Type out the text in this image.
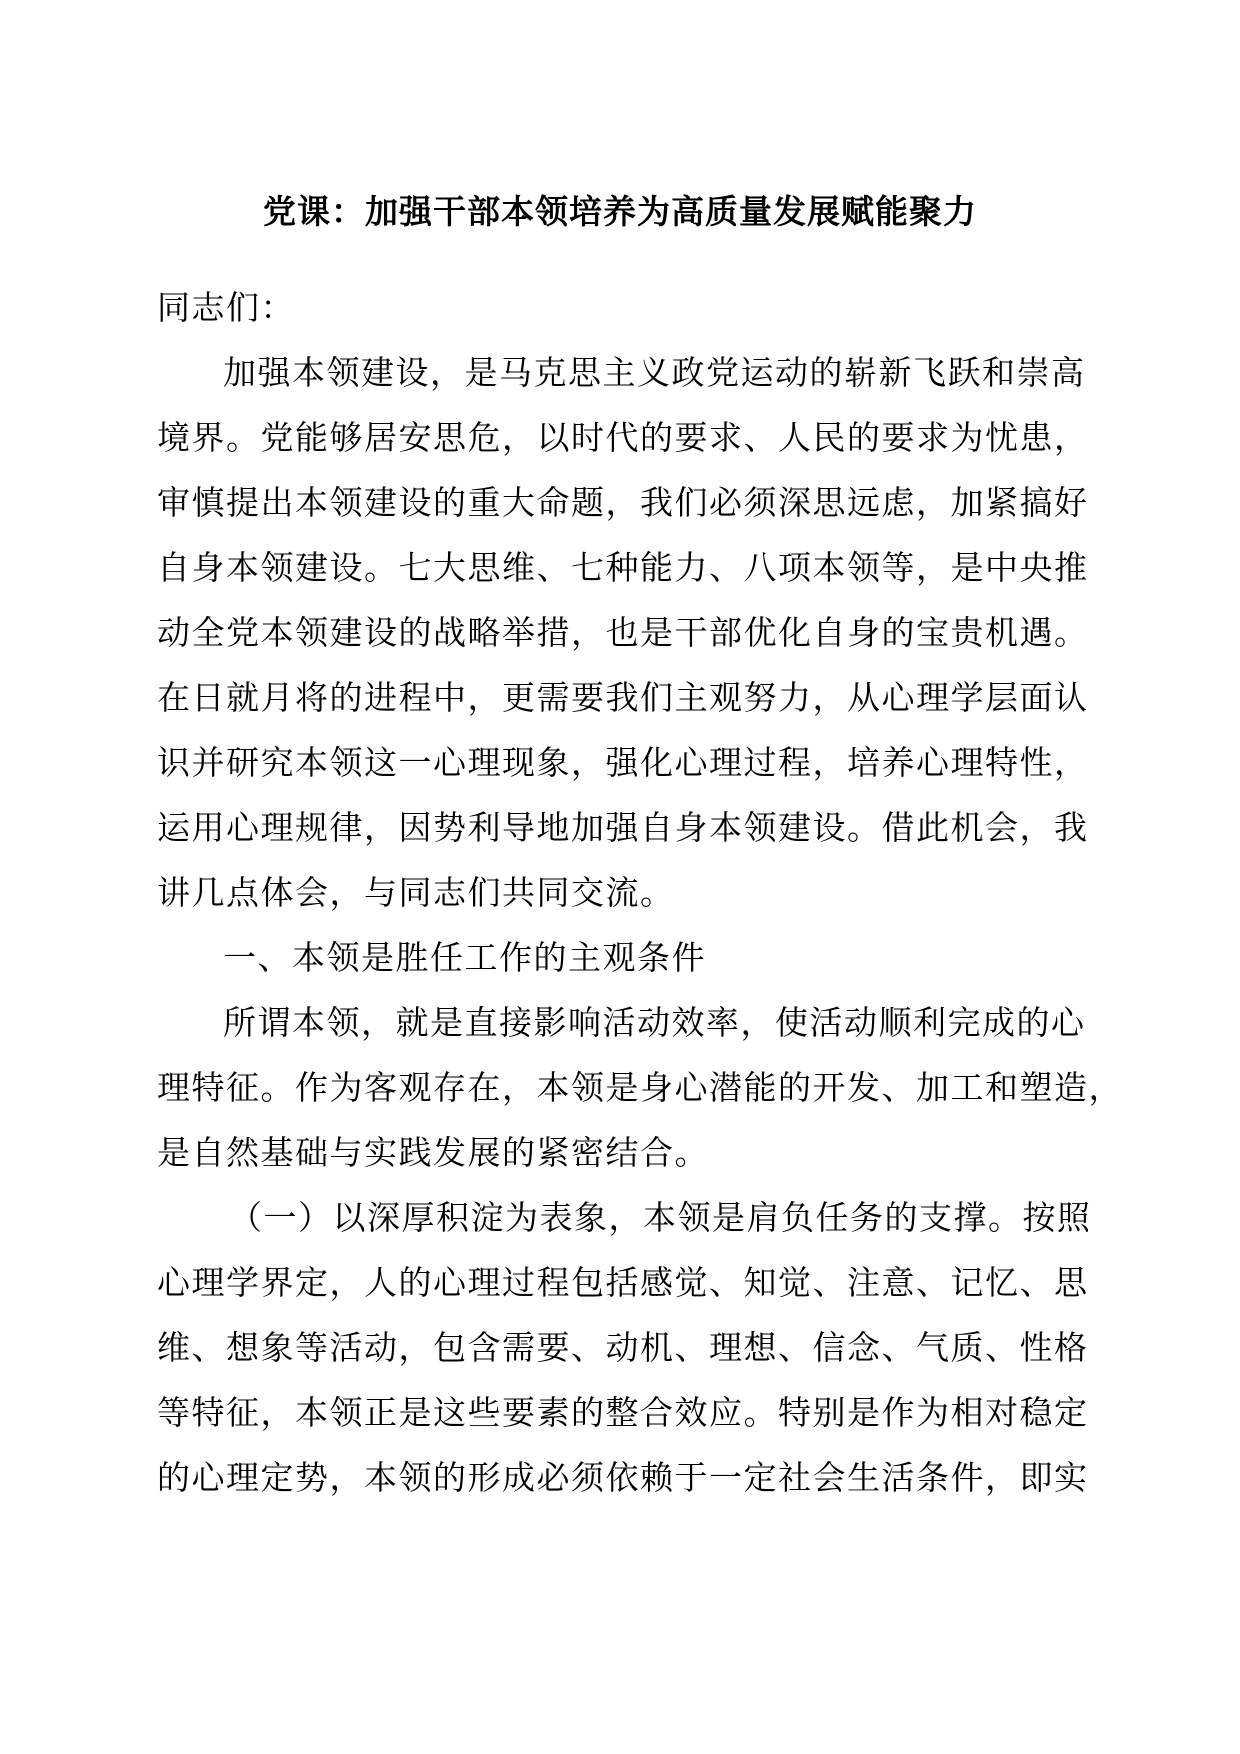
党课：加强干部本领培养为高质量发展赋能聚力
同志们：
加强本领建设，是马克思主义政党运动的崭新飞跃和崇高
境界。党能够居安思危，以时代的要求、人民的要求为忧患，
审慎提出本领建设的重大命题，我们必须深思远虑，加紧搞好
自身本领建设。七大思维、七种能力、八项本领等，是中央推
动全党本领建设的战略举措，也是干部优化自身的宝贵机遇。
在日就月将的进程中，更需要我们主观努力，从心理学层面认
识并研究本领这一心理现象，强化心理过程，培养心理特性，
运用心理规律，因势利导地加强自身本领建设。借此机会，我
讲几点体会，与同志们共同交流。
一、本领是胜任工作的主观条件
所谓本领，就是直接影响活动效率，使活动顺利完成的心
理特征。作为客观存在，本领是身心潜能的开发、加工和塑造，
是自然基础与实践发展的紧密结合。
（一）以深厚积淀为表象，本领是肩负任务的支撑。按照
心理学界定，人的心理过程包括感觉、知觉、注意、记忆、思
维、想象等活动，包含需要、动机、理想、信念、气质、性格
等特征，本领正是这些要素的整合效应。特别是作为相对稳定
的心理定势，本领的形成必须依赖于一定社会生活条件，即实
